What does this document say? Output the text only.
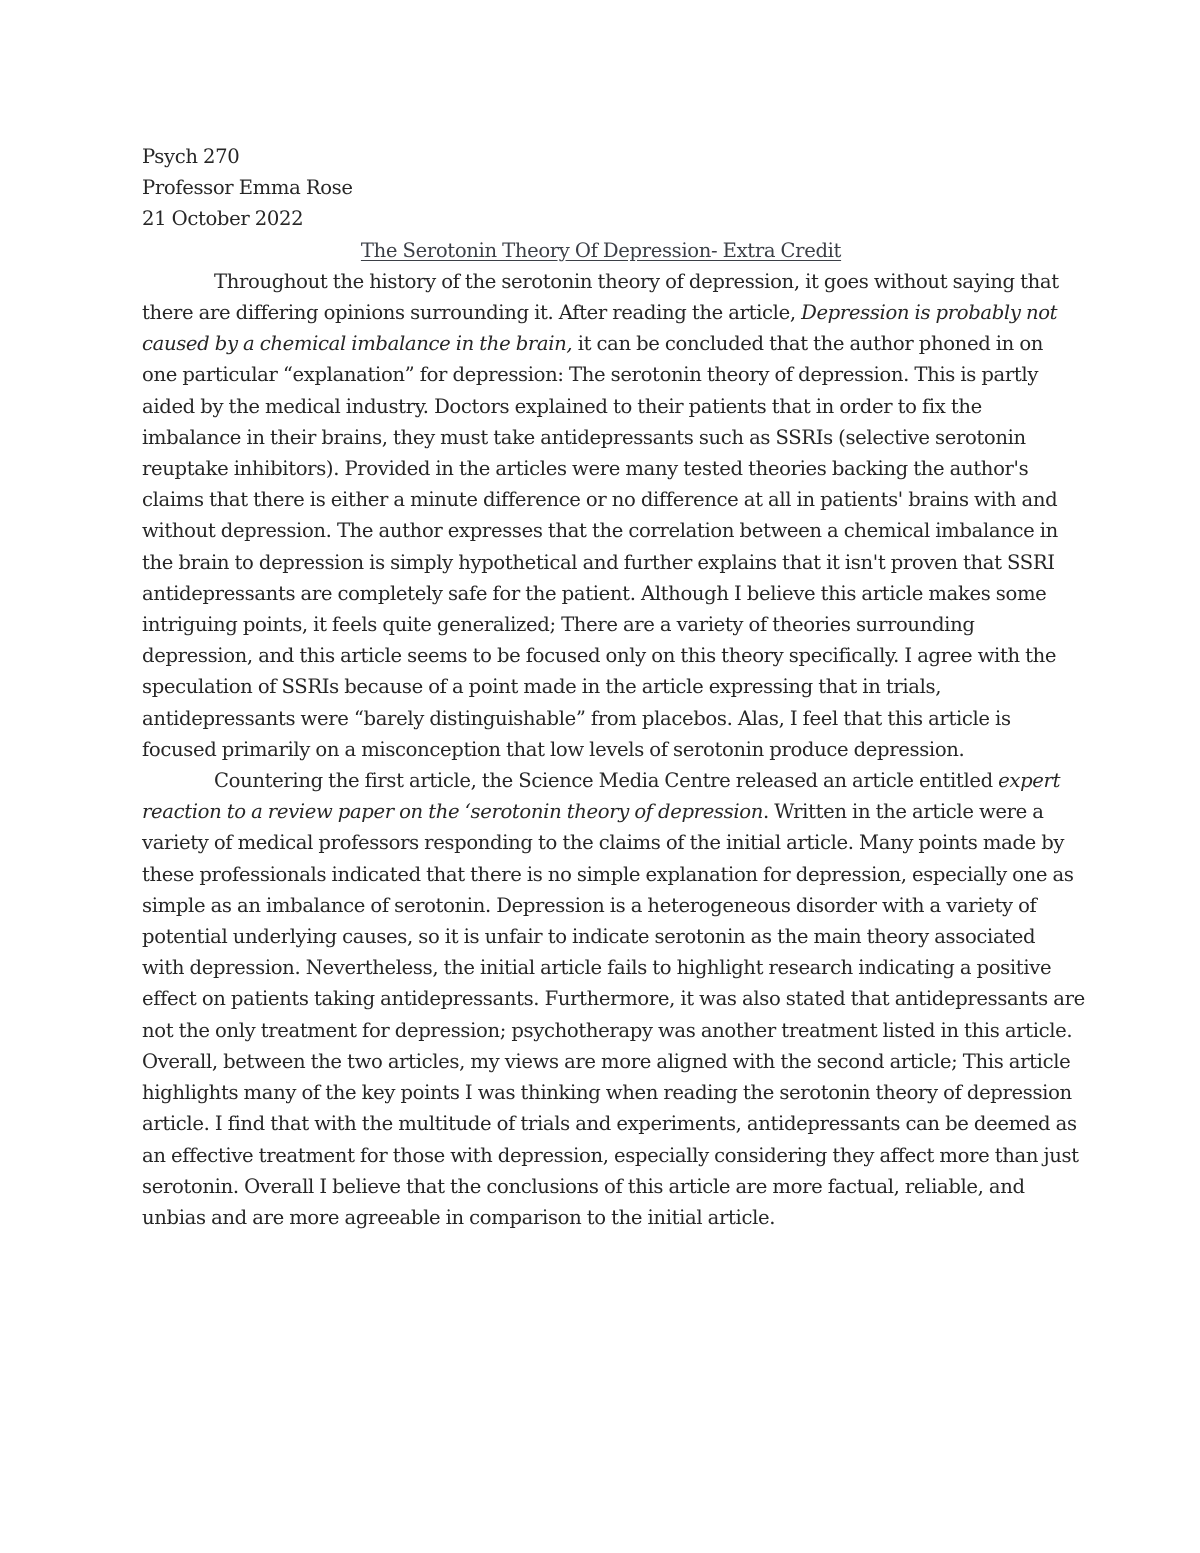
Psych 270

Professor Emma Rose

21 October 2022

The Serotonin Theory Of Depression- Extra Credit

Throughout the history of the serotonin theory of depression, it goes without saying that

there are differing opinions surrounding it. After reading the article, Depression is probably not

caused by a chemical imbalance in the brain, it can be concluded that the author phoned in on

one particular “explanation” for depression: The serotonin theory of depression. This is partly

aided by the medical industry. Doctors explained to their patients that in order to fix the

imbalance in their brains, they must take antidepressants such as SSRIs (selective serotonin

reuptake inhibitors). Provided in the articles were many tested theories backing the author's

claims that there is either a minute difference or no difference at all in patients' brains with and

without depression. The author expresses that the correlation between a chemical imbalance in

the brain to depression is simply hypothetical and further explains that it isn't proven that SSRI

antidepressants are completely safe for the patient. Although I believe this article makes some

intriguing points, it feels quite generalized; There are a variety of theories surrounding

depression, and this article seems to be focused only on this theory specifically. I agree with the

speculation of SSRIs because of a point made in the article expressing that in trials,

antidepressants were “barely distinguishable” from placebos. Alas, I feel that this article is

focused primarily on a misconception that low levels of serotonin produce depression.

Countering the first article, the Science Media Centre released an article entitled expert

reaction to a review paper on the ‘serotonin theory of depression. Written in the article were a

variety of medical professors responding to the claims of the initial article. Many points made by

these professionals indicated that there is no simple explanation for depression, especially one as

simple as an imbalance of serotonin. Depression is a heterogeneous disorder with a variety of

potential underlying causes, so it is unfair to indicate serotonin as the main theory associated

with depression. Nevertheless, the initial article fails to highlight research indicating a positive

effect on patients taking antidepressants. Furthermore, it was also stated that antidepressants are

not the only treatment for depression; psychotherapy was another treatment listed in this article.

Overall, between the two articles, my views are more aligned with the second article; This article

highlights many of the key points I was thinking when reading the serotonin theory of depression

article. I find that with the multitude of trials and experiments, antidepressants can be deemed as

an effective treatment for those with depression, especially considering they affect more than just

serotonin. Overall I believe that the conclusions of this article are more factual, reliable, and

unbias and are more agreeable in comparison to the initial article.
